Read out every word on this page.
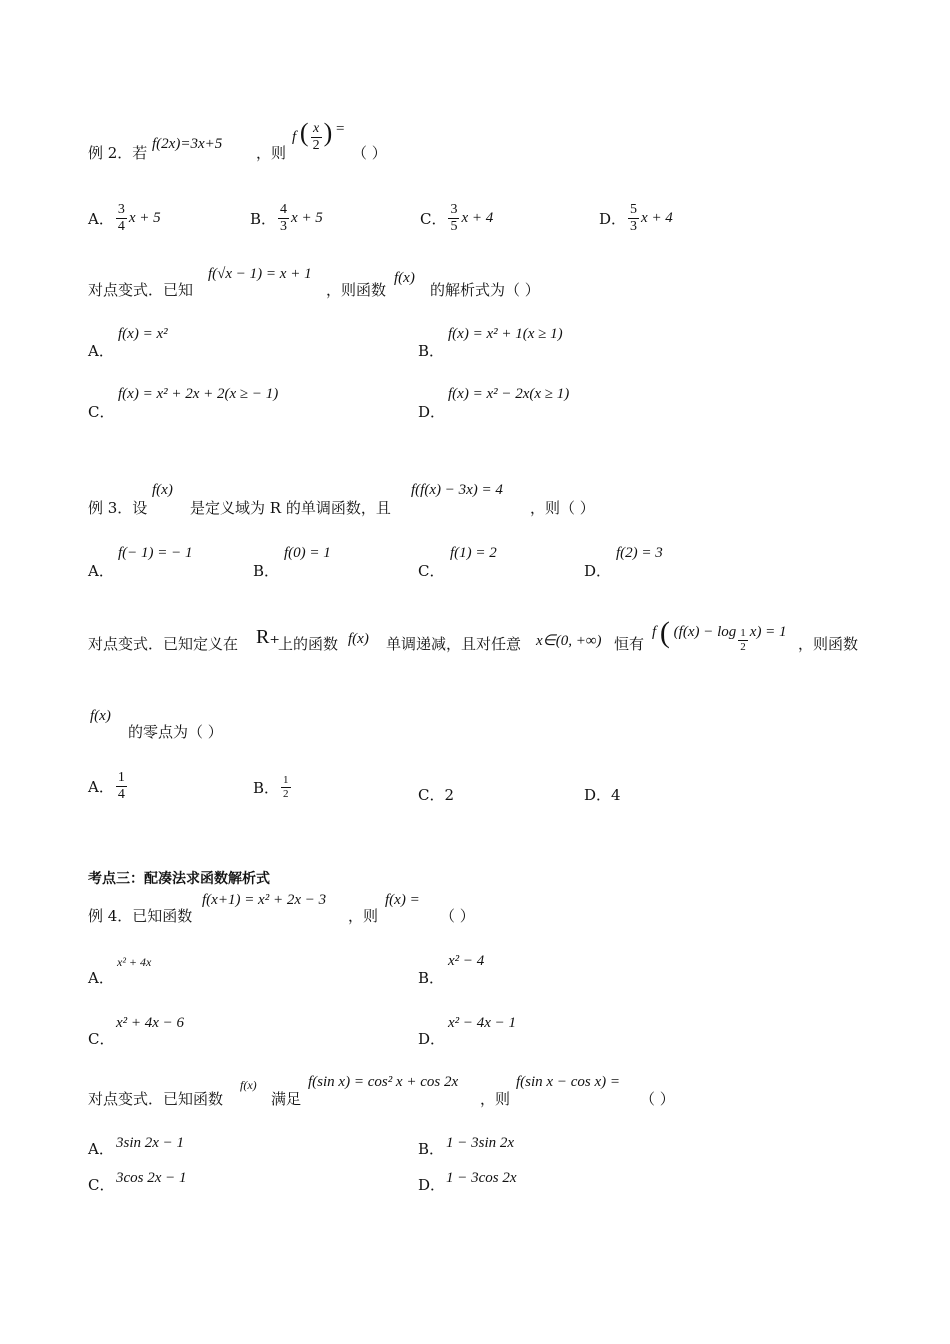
例 2．若 f(2x)=3x+5 ，则
f ( $\frac{x}{2}$ ) =
（ ）
A． $\frac{3}{4}$ x + 5	B． $\frac{4}{3}$ x + 5	C． $\frac{3}{5}$ x + 4	D． $\frac{5}{3}$ x + 4
对点变式．已知
f(√x − 1) = x + 1
，则函数
f(x)
的解析式为（ ）
A．
f(x) = x²
B．
f(x) = x² + 1(x ≥ 1)
C．
f(x) = x² + 2x + 2(x ≥ − 1)
D．
f(x) = x² − 2x(x ≥ 1)
例 3．设
f(x)
是定义域为 R 的单调函数，且
f(f(x) − 3x) = 4
，则（ ）
A．
f(− 1) = − 1
B．
f(0) = 1
C．
f(1) = 2
D．
f(2) = 3
对点变式．已知定义在 R₊
上的函数 f(x) 单调递减，且对任意 x∈(0, +∞) 恒有
f ( $(f(x) - \log \frac{1}{2} x) = 1$
，则函数
f(x)
的零点为（ ）
A． $\frac{1}{4}$	B． $\frac{1}{2}$	C．2	D．4
考点三：配凑法求函数解析式
例 4．已知函数
f(x+1) = x² + 2x − 3
，则
f(x) =
（ ）
A．
x² + 4x
B．
x² − 4
C．
x² + 4x − 6
D．
x² − 4x − 1
对点变式．已知函数
f(x)
满足
f(sin x) = cos² x + cos 2x
，则
f(sin x − cos x) =
（ ）
A． 3sin 2x − 1	B． 1 − 3sin 2x
C． 3cos 2x − 1	D． 1 − 3cos 2x
